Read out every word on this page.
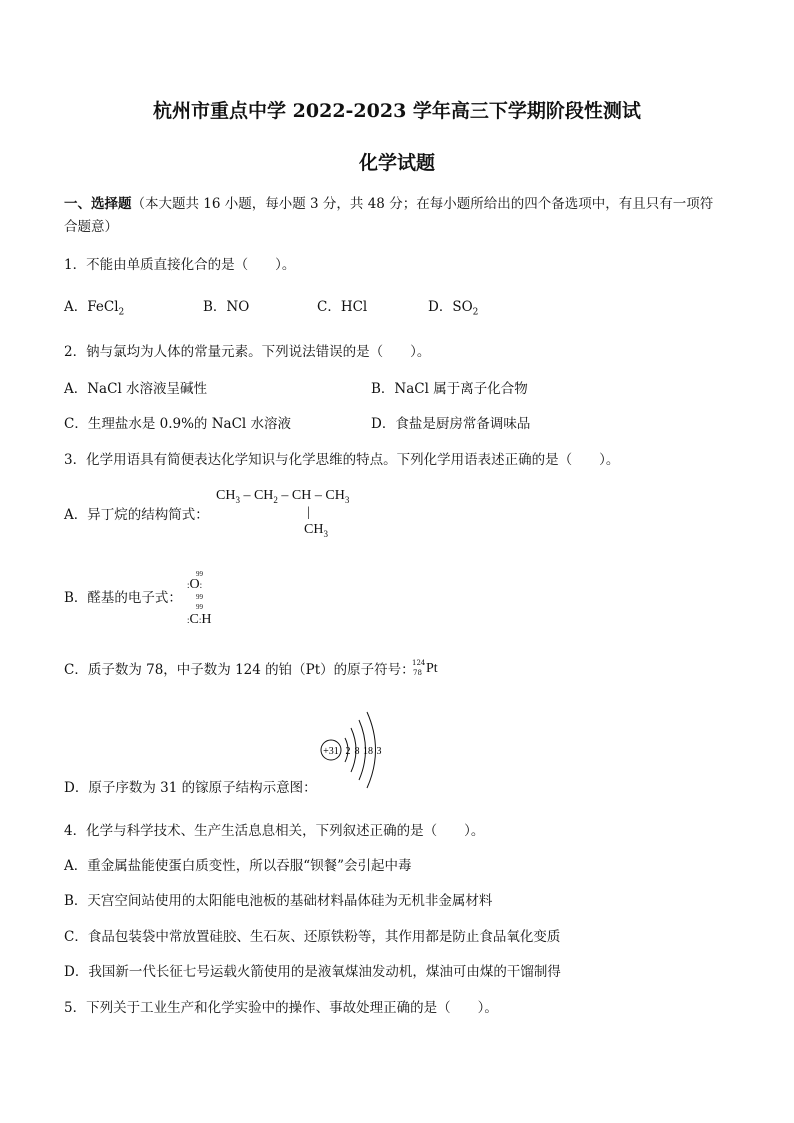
杭州市重点中学 2022-2023 学年高三下学期阶段性测试
化学试题
一、选择题（本大题共 16 小题，每小题 3 分，共 48 分；在每小题所给出的四个备选项中，有且只有一项符
合题意）
1．不能由单质直接化合的是（　　）。
A．FeCl$_2$	B．NO	C．HCl	D．$SO_2$
2．钠与氯均为人体的常量元素。下列说法错误的是（　　）。
A．NaCl 水溶液呈碱性	B．NaCl 属于离子化合物
C．生理盐水是 0.9%的 NaCl 水溶液	D．食盐是厨房常备调味品
3．化学用语具有简便表达化学知识与化学思维的特点。下列化学用语表述正确的是（　　）。
A．异丁烷的结构简式：
$CH_3 - CH_2$ – CH – $CH_3$
|
$CH_3$
B．醛基的电子式：
99
:O:
99
99
:C:H
C．质子数为 78，中子数为 124 的铂（Pt）的原子符号：
124
78 Pt
+31 2 8 18 3
D．原子序数为 31 的镓原子结构示意图：
4．化学与科学技术、生产生活息息相关，下列叙述正确的是（　　）。
A．重金属盐能使蛋白质变性，所以吞服“钡餐”会引起中毒
B．天宫空间站使用的太阳能电池板的基础材料晶体硅为无机非金属材料
C．食品包装袋中常放置硅胶、生石灰、还原铁粉等，其作用都是防止食品氧化变质
D．我国新一代长征七号运载火箭使用的是液氧煤油发动机，煤油可由煤的干馏制得
5．下列关于工业生产和化学实验中的操作、事故处理正确的是（　　）。
